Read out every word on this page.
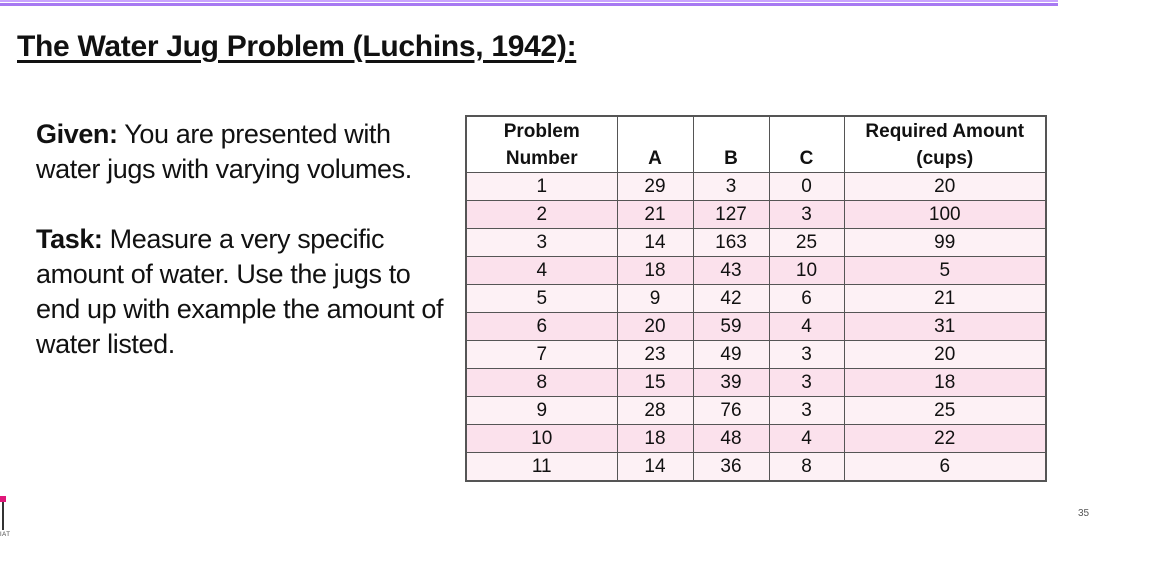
The Water Jug Problem (Luchins, 1942):

Given: You are presented with water jugs with varying volumes.

Task: Measure a very specific amount of water. Use the jugs to end up with example the amount of water listed.

Problem
Number	A	B	C	Required Amount
(cups)
1	29	3	0	20
2	21	127	3	100
3	14	163	25	99
4	18	43	10	5
5	9	42	6	21
6	20	59	4	31
7	23	49	3	20
8	15	39	3	18
9	28	76	3	25
10	18	48	4	22
11	14	36	8	6
IAT
35
